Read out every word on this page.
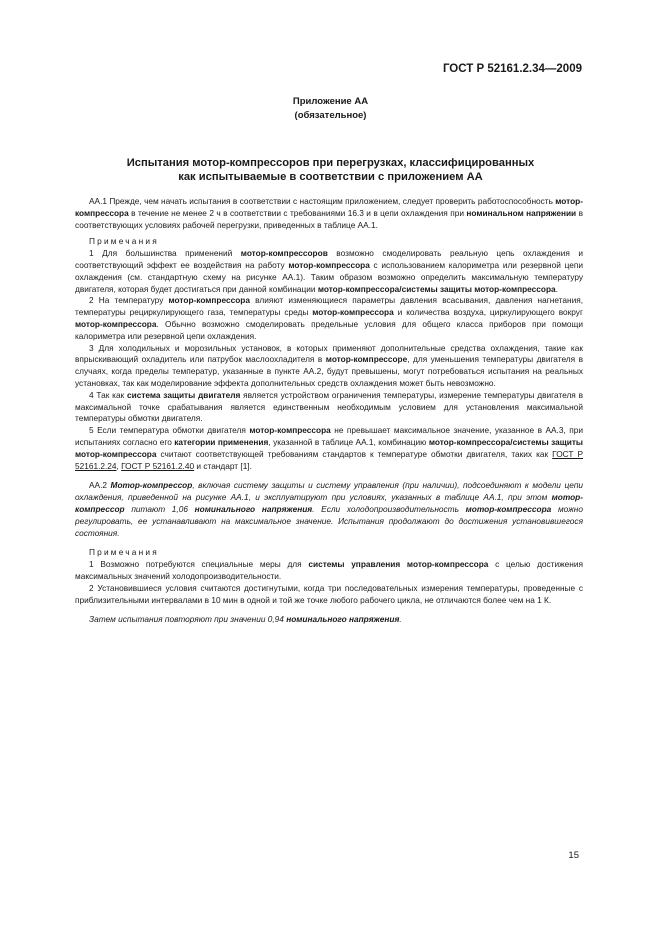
ГОСТ Р 52161.2.34—2009
Приложение АА
(обязательное)
Испытания мотор-компрессоров при перегрузках, классифицированных
как испытываемые в соответствии с приложением АА

АА.1 Прежде, чем начать испытания в соответствии с настоящим приложением, следует проверить работоспособность мотор-компрессора в течение не менее 2 ч в соответствии с требованиями 16.3 и в цепи охлаждения при номинальном напряжении в соответствующих условиях рабочей перегрузки, приведенных в таблице АА.1.

Примечания

1 Для большинства применений мотор-компрессоров возможно смоделировать реальную цепь охлаждения и соответствующий эффект ее воздействия на работу мотор-компрессора с использованием калориметра или резервной цепи охлаждения (см. стандартную схему на рисунке АА.1). Таким образом возможно определить максимальную температуру двигателя, которая будет достигаться при данной комбинации мотор-компрессора/системы защиты мотор-компрессора.

2 На температуру мотор-компрессора влияют изменяющиеся параметры давления всасывания, давления нагнетания, температуры рециркулирующего газа, температуры среды мотор-компрессора и количества воздуха, циркулирующего вокруг мотор-компрессора. Обычно возможно смоделировать предельные условия для общего класса приборов при помощи калориметра или резервной цепи охлаждения.

3 Для холодильных и морозильных установок, в которых применяют дополнительные средства охлаждения, такие как впрыскивающий охладитель или патрубок маслоохладителя в мотор-компрессоре, для уменьшения температуры двигателя в случаях, когда пределы температур, указанные в пункте АА.2, будут превышены, могут потребоваться испытания на реальных установках, так как моделирование эффекта дополнительных средств охлаждения может быть невозможно.

4 Так как система защиты двигателя является устройством ограничения температуры, измерение температуры двигателя в максимальной точке срабатывания является единственным необходимым условием для установления максимальной температуры обмотки двигателя.

5 Если температура обмотки двигателя мотор-компрессора не превышает максимальное значение, указанное в АА.3, при испытаниях согласно его категории применения, указанной в таблице АА.1, комбинацию мотор-компрессора/системы защиты мотор-компрессора считают соответствующей требованиям стандартов к температуре обмотки двигателя, таких как ГОСТ Р 52161.2.24, ГОСТ Р 52161.2.40 и стандарт [1].

АА.2 Мотор-компрессор, включая систему защиты и систему управления (при наличии), подсоединяют к модели цепи охлаждения, приведенной на рисунке АА.1, и эксплуатируют при условиях, указанных в таблице АА.1, при этом мотор-компрессор питают 1,06 номинального напряжения. Если холодопроизводительность мотор-компрессора можно регулировать, ее устанавливают на максимальное значение. Испытания продолжают до достижения установившегося состояния.

Примечания

1 Возможно потребуются специальные меры для системы управления мотор-компрессора с целью достижения максимальных значений холодопроизводительности.

2 Установившиеся условия считаются достигнутыми, когда три последовательных измерения температуры, проведенные с приблизительными интервалами в 10 мин в одной и той же точке любого рабочего цикла, не отличаются более чем на 1 К.

Затем испытания повторяют при значении 0,94 номинального напряжения.

15
